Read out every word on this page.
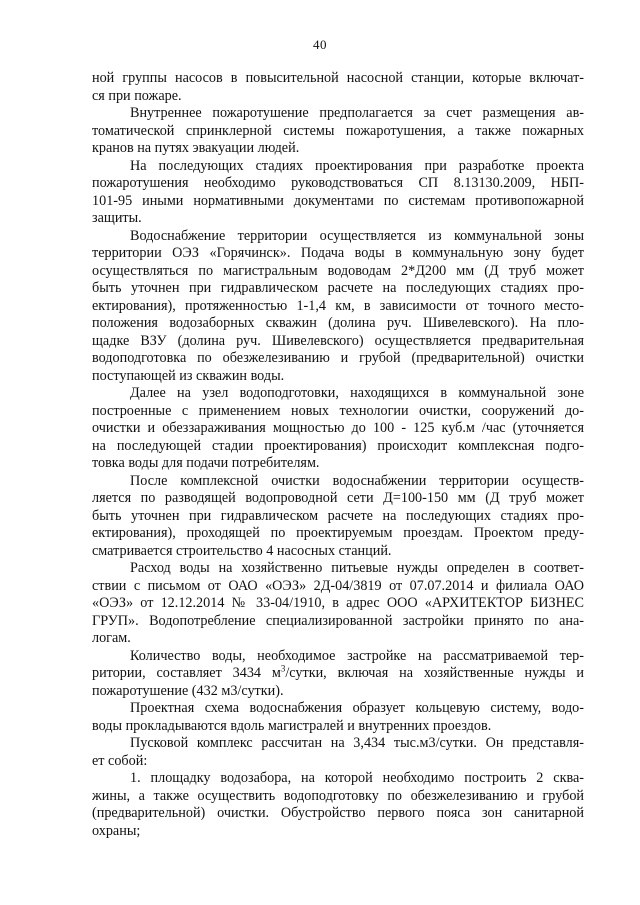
40
ной группы насосов в повысительной насосной станции, которые включат-
ся при пожаре.
Внутреннее пожаротушение предполагается за счет размещения ав-
томатической спринклерной системы пожаротушения, а также пожарных
кранов на путях эвакуации людей.
На последующих стадиях проектирования при разработке проекта
пожаротушения необходимо руководствоваться СП 8.13130.2009, НБП-
101-95 иными нормативными документами по системам противопожарной
защиты.
Водоснабжение территории осуществляется из коммунальной зоны
территории ОЭЗ «Горячинск». Подача воды в коммунальную зону будет
осуществляться по магистральным водоводам 2*Д200 мм (Д труб может
быть уточнен при гидравлическом расчете на последующих стадиях про-
ектирования), протяженностью 1-1,4 км, в зависимости от точного место-
положения водозаборных скважин (долина руч. Шивелевского). На пло-
щадке ВЗУ (долина руч. Шивелевского) осуществляется предварительная
водоподготовка по обезжелезиванию и грубой (предварительной) очистки
поступающей из скважин воды.
Далее на узел водоподготовки, находящихся в коммунальной зоне
построенные с применением новых технологии очистки, сооружений до-
очистки и обеззараживания мощностью до 100 - 125 куб.м /час (уточняется
на последующей стадии проектирования) происходит комплексная подго-
товка воды для подачи потребителям.
После комплексной очистки водоснабжении территории осуществ-
ляется по разводящей водопроводной сети Д=100-150 мм (Д труб может
быть уточнен при гидравлическом расчете на последующих стадиях про-
ектирования), проходящей по проектируемым проездам. Проектом преду-
сматривается строительство 4 насосных станций.
Расход воды на хозяйственно питьевые нужды определен в соответ-
ствии с письмом от ОАО «ОЭЗ» 2Д-04/3819 от 07.07.2014 и филиала ОАО
«ОЭЗ» от 12.12.2014 № 33-04/1910, в адрес ООО «АРХИТЕКТОР БИЗНЕС
ГРУП». Водопотребление специализированной застройки принято по ана-
логам.
Количество воды, необходимое застройке на рассматриваемой тер-
ритории, составляет 3434 $м^3$/сутки, включая на хозяйственные нужды и
пожаротушение (432 м3/сутки).
Проектная схема водоснабжения образует кольцевую систему, водо-
воды прокладываются вдоль магистралей и внутренних проездов.
Пусковой комплекс рассчитан на 3,434 тыс.м3/сутки. Он представля-
ет собой:
1. площадку водозабора, на которой необходимо построить 2 сква-
жины, а также осуществить водоподготовку по обезжелезиванию и грубой
(предварительной) очистки. Обустройство первого пояса зон санитарной
охраны;
